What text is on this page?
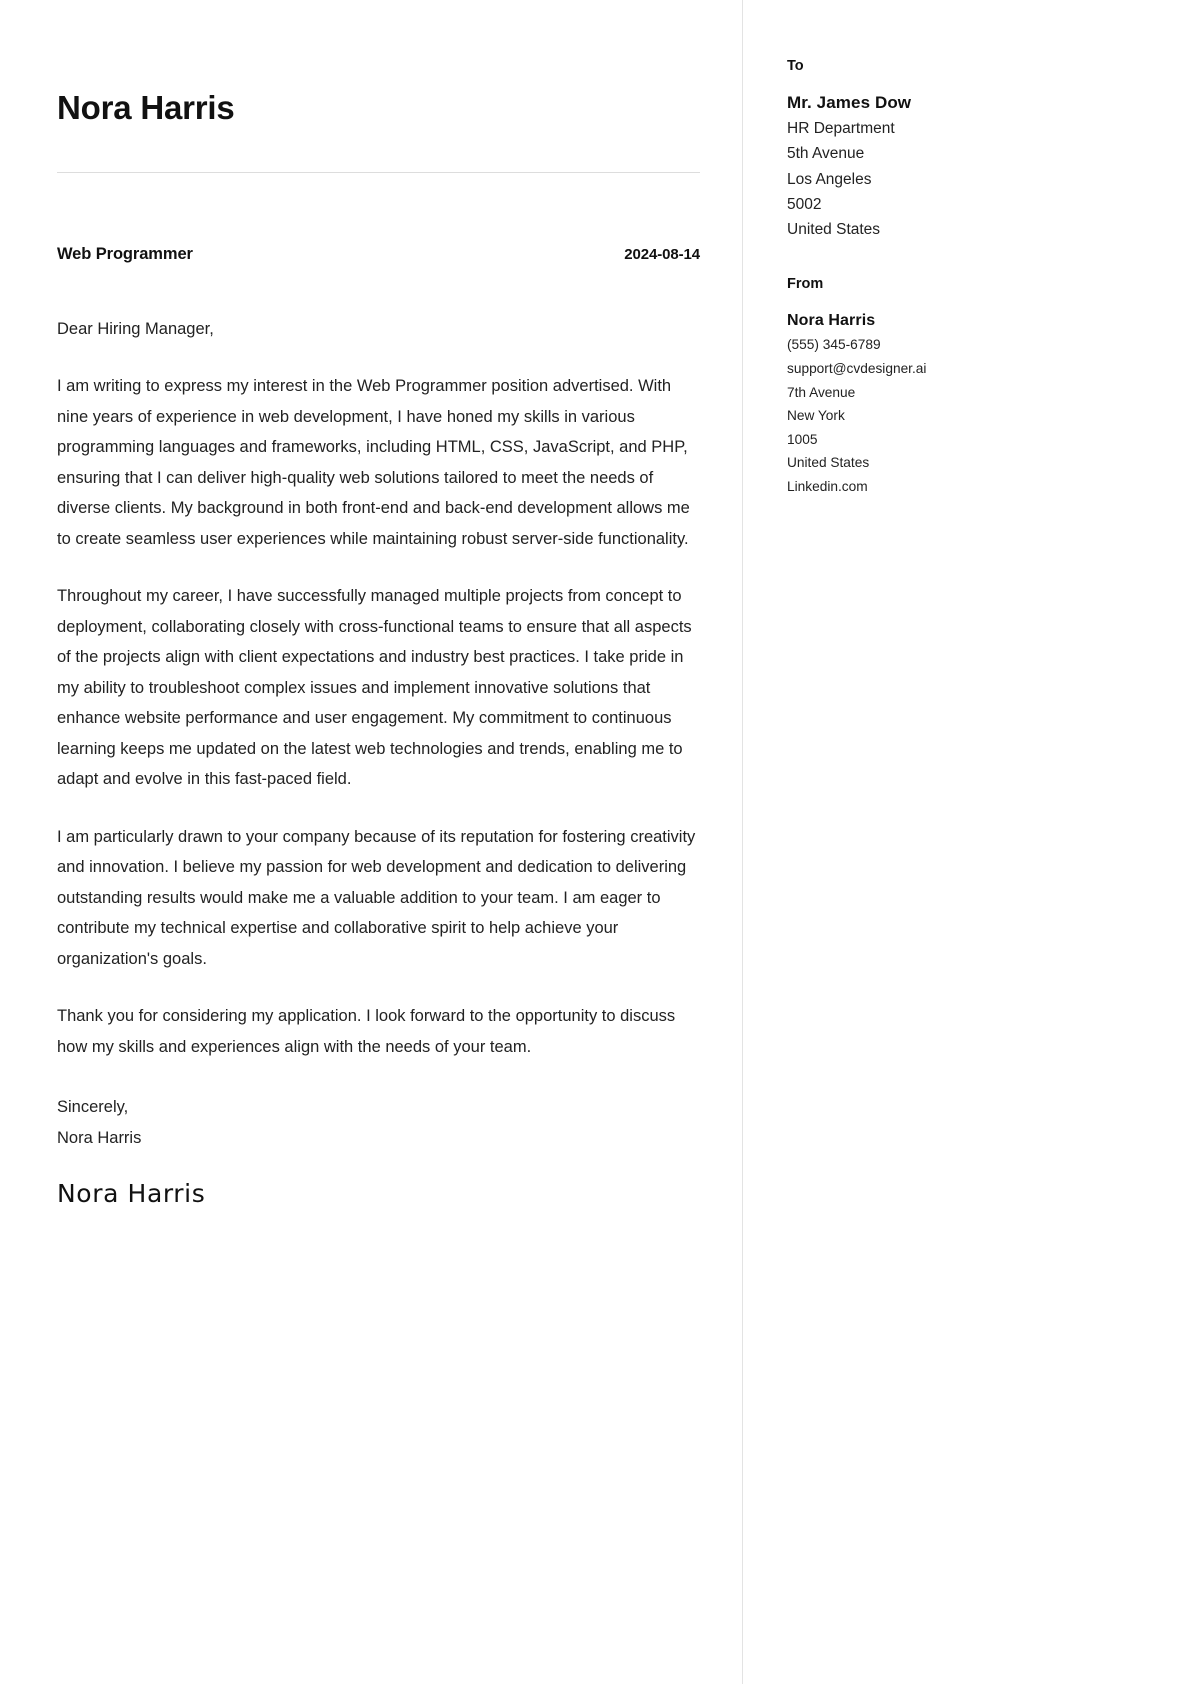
Nora Harris
Web Programmer	2024-08-14

Dear Hiring Manager,

I am writing to express my interest in the Web Programmer position advertised. With nine years of experience in web development, I have honed my skills in various programming languages and frameworks, including HTML, CSS, JavaScript, and PHP, ensuring that I can deliver high-quality web solutions tailored to meet the needs of diverse clients. My background in both front-end and back-end development allows me to create seamless user experiences while maintaining robust server-side functionality.

Throughout my career, I have successfully managed multiple projects from concept to deployment, collaborating closely with cross-functional teams to ensure that all aspects of the projects align with client expectations and industry best practices. I take pride in my ability to troubleshoot complex issues and implement innovative solutions that enhance website performance and user engagement. My commitment to continuous learning keeps me updated on the latest web technologies and trends, enabling me to adapt and evolve in this fast-paced field.

I am particularly drawn to your company because of its reputation for fostering creativity and innovation. I believe my passion for web development and dedication to delivering outstanding results would make me a valuable addition to your team. I am eager to contribute my technical expertise and collaborative spirit to help achieve your organization's goals.

Thank you for considering my application. I look forward to the opportunity to discuss how my skills and experiences align with the needs of your team.

Sincerely,
Nora Harris
Nora Harris
To
Mr. James Dow
HR Department
5th Avenue
Los Angeles
5002
United States
From
Nora Harris
(555) 345-6789
support@cvdesigner.ai
7th Avenue
New York
1005
United States
Linkedin.com
